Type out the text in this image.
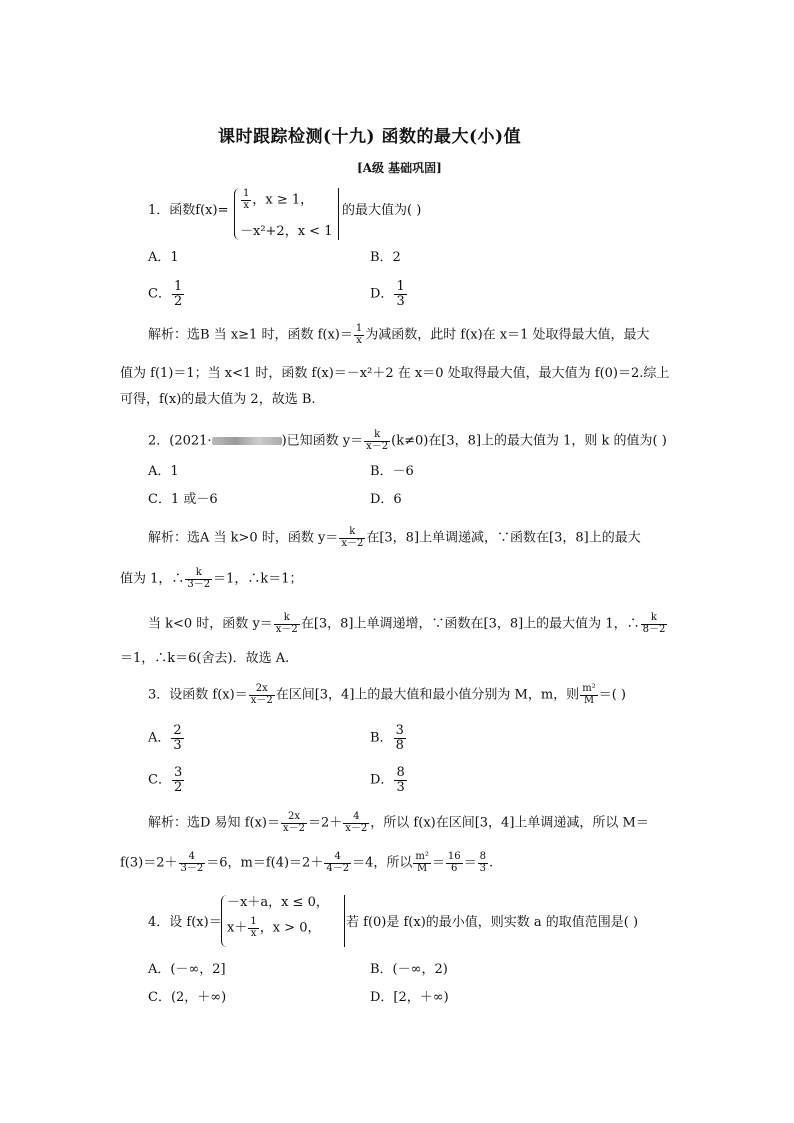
课时跟踪检测(十九) 函数的最大(小)值
[A级 基础巩固]
1．函数$f(x)= \frac{1}{x}$ ，x ≥ 1，
－x²+2，x < 1
的最大值为( )
A．1	B．2
C． $\frac{1}{2}$	D． $\frac{1}{3}$
解析：选B 当 x≥1 时，函数 $f(x)= \frac{1}{x}$ 为减函数，此时 f(x)在 x＝1 处取得最大值，最大
值为 f(1)＝1；当 x<1 时，函数 f(x)＝－x²＋2 在 x＝0 处取得最大值，最大值为 f(0)＝2.综上
可得，f(x)的最大值为 2，故选 B.
2．(2021·	)已知函数 $y= \frac{k}{x-2} (k\ne 0)$在[3，8]上的最大值为 1，则 k 的值为( )
A．1	B．－6
C．1 或－6	D．6
解析：选A 当 k>0 时，函数 $y= \frac{k}{x-2}$ 在[3，8]上单调递减，∵函数在[3，8]上的最大
值为 1，∴ $\frac{k}{3-2} =1$，∴k＝1；
当 k<0 时，函数 $y= \frac{k}{x-2}$ 在[3，8]上单调递增，∵函数在[3，8]上的最大值为 1，∴ $\frac{k}{8-2}$
＝1，∴k＝6(舍去)．故选 A.
3．设函数 $f(x)= \frac{2x}{x-2}$ 在区间[3，4]上的最大值和最小值分别为 M，m，则 $\frac{\text{m²}}{M}$ ＝( )
A． $\frac{2}{3}$	B． $\frac{3}{8}$
C． $\frac{3}{2}$	D． $\frac{8}{3}$
解析：选D 易知 $f(x)= \frac{2x}{x-2} =2+ \frac{4}{x-2}$ ，所以 f(x)在区间[3，4]上单调递减，所以 M＝
$f(3)=2+ \frac{4}{3-2} =6$，$m=f(4)=2+ \frac{4}{4-2} =4$，所以 $\frac{\text{m²}}{M} = \frac{16}{6} = \frac{8}{3}$ .
4．设 f(x)＝
－x＋a，x ≤ 0，
$x+ \frac{1}{x}$ ，x > 0， 若 f(0)是 f(x)的最小值，则实数 a 的取值范围是( )
A．(－∞，2]	B．(－∞，2)
C．(2，＋∞)	D．[2，＋∞)
